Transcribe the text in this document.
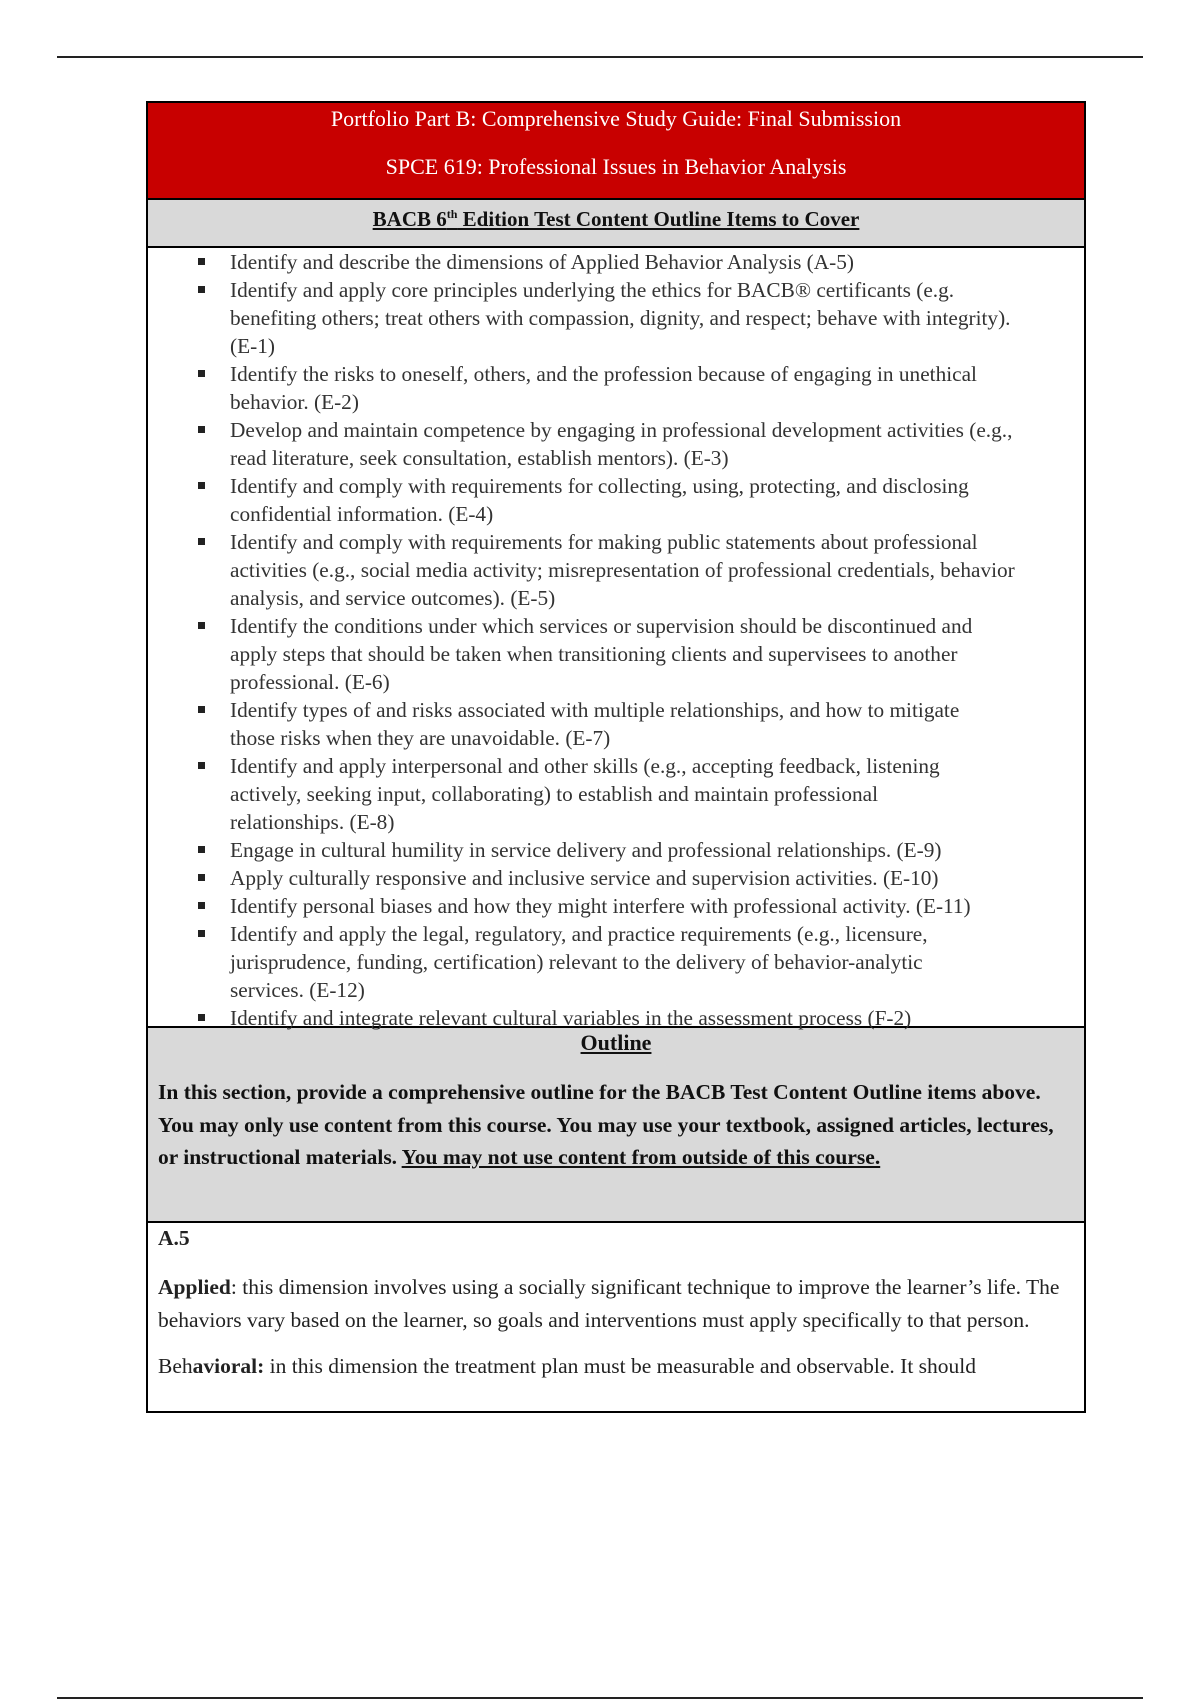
Portfolio Part B: Comprehensive Study Guide: Final Submission
SPCE 619: Professional Issues in Behavior Analysis
BACB 6th Edition Test Content Outline Items to Cover
Identify and describe the dimensions of Applied Behavior Analysis (A-5)
Identify and apply core principles underlying the ethics for BACB® certificants (e.g.
benefiting others; treat others with compassion, dignity, and respect; behave with integrity).
(E-1)
Identify the risks to oneself, others, and the profession because of engaging in unethical
behavior. (E-2)
Develop and maintain competence by engaging in professional development activities (e.g.,
read literature, seek consultation, establish mentors). (E-3)
Identify and comply with requirements for collecting, using, protecting, and disclosing
confidential information. (E-4)
Identify and comply with requirements for making public statements about professional
activities (e.g., social media activity; misrepresentation of professional credentials, behavior
analysis, and service outcomes). (E-5)
Identify the conditions under which services or supervision should be discontinued and
apply steps that should be taken when transitioning clients and supervisees to another
professional. (E-6)
Identify types of and risks associated with multiple relationships, and how to mitigate
those risks when they are unavoidable. (E-7)
Identify and apply interpersonal and other skills (e.g., accepting feedback, listening
actively, seeking input, collaborating) to establish and maintain professional
relationships. (E-8)
Engage in cultural humility in service delivery and professional relationships. (E-9)
Apply culturally responsive and inclusive service and supervision activities. (E-10)
Identify personal biases and how they might interfere with professional activity. (E-11)
Identify and apply the legal, regulatory, and practice requirements (e.g., licensure,
jurisprudence, funding, certification) relevant to the delivery of behavior-analytic
services. (E-12)
Identify and integrate relevant cultural variables in the assessment process (F-2)
Outline
In this section, provide a comprehensive outline for the BACB Test Content Outline items above. You may only use content from this course. You may use your textbook, assigned articles, lectures, or instructional materials. You may not use content from outside of this course.

A.5

Applied: this dimension involves using a socially significant technique to improve the learner’s life. The behaviors vary based on the learner, so goals and interventions must apply specifically to that person.

Behavioral: in this dimension the treatment plan must be measurable and observable. It should
